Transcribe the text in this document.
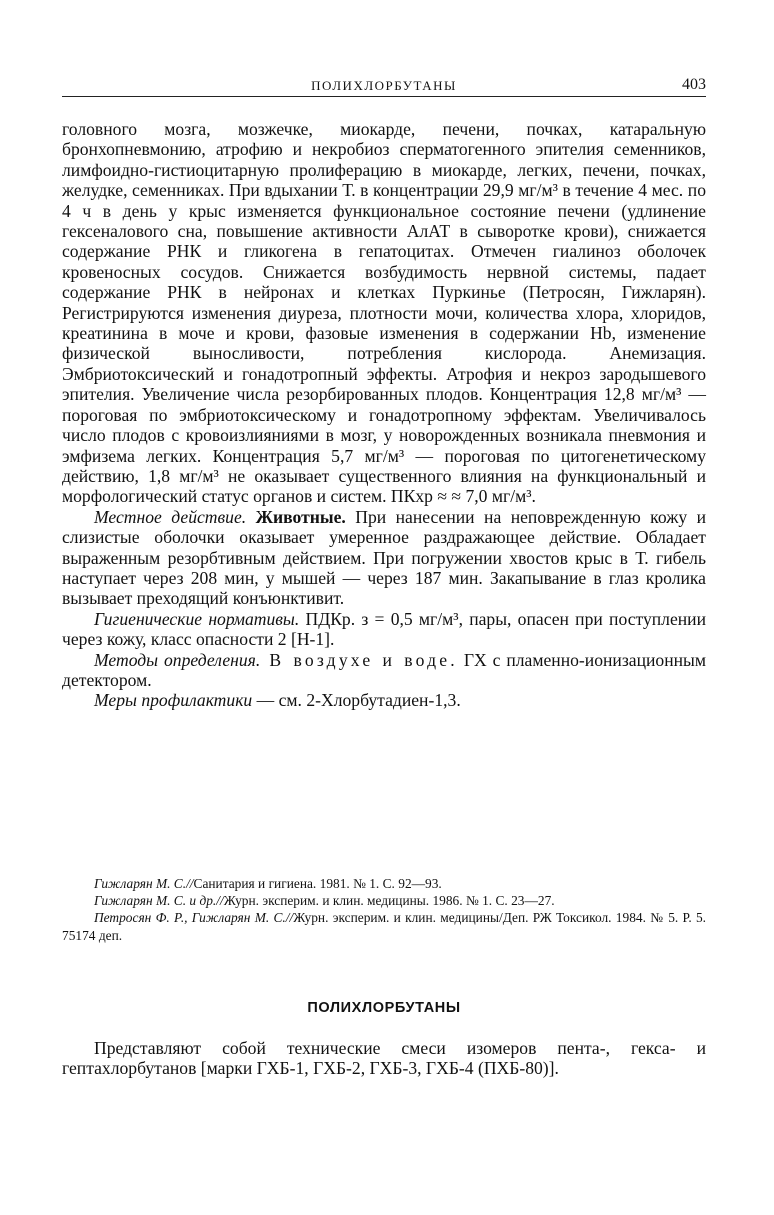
ПОЛИХЛОРБУТАНЫ	403

головного мозга, мозжечке, миокарде, печени, почках, катаральную бронхопневмонию, атрофию и некробиоз сперматогенного эпителия семенников, лимфоидно-гистиоцитарную пролиферацию в миокарде, легких, печени, почках, желудке, семенниках. При вдыхании Т. в концентрации 29,9 мг/м³ в течение 4 мес. по 4 ч в день у крыс изменяется функциональное состояние печени (удлинение гексеналового сна, повышение активности АлАТ в сыворотке крови), снижается содержание РНК и гликогена в гепатоцитах. Отмечен гиалиноз оболочек кровеносных сосудов. Снижается возбудимость нервной системы, падает содержание РНК в нейронах и клетках Пуркинье (Петросян, Гижларян). Регистрируются изменения диуреза, плотности мочи, количества хлора, хлоридов, креатинина в моче и крови, фазовые изменения в содержании Hb, изменение физической выносливости, потребления кислорода. Анемизация. Эмбриотоксический и гонадотропный эффекты. Атрофия и некроз зародышевого эпителия. Увеличение числа резорбированных плодов. Концентрация 12,8 мг/м³ — пороговая по эмбриотоксическому и гонадотропному эффектам. Увеличивалось число плодов с кровоизлияниями в мозг, у новорожденных возникала пневмония и эмфизема легких. Концентрация 5,7 мг/м³ — пороговая по цитогенетическому действию, 1,8 мг/м³ не оказывает существенного влияния на функциональный и морфологический статус органов и систем. ПКхр ≈ ≈ 7,0 мг/м³.

Местное действие. Животные. При нанесении на неповрежденную кожу и слизистые оболочки оказывает умеренное раздражающее действие. Обладает выраженным резорбтивным действием. При погружении хвостов крыс в Т. гибель наступает через 208 мин, у мышей — через 187 мин. Закапывание в глаз кролика вызывает преходящий конъюнктивит.

Гигиенические нормативы. ПДКр. з = 0,5 мг/м³, пары, опасен при поступлении через кожу, класс опасности 2 [Н-1].

Методы определения. В воздухе и воде. ГХ с пламенно-ионизационным детектором.

Меры профилактики — см. 2-Хлорбутадиен-1,3.

Гижларян М. С.//Санитария и гигиена. 1981. № 1. С. 92—93.

Гижларян М. С. и др.//Журн. эксперим. и клин. медицины. 1986. № 1. С. 23—27.

Петросян Ф. Р., Гижларян М. С.//Журн. эксперим. и клин. медицины/Деп. РЖ Токсикол. 1984. № 5. Р. 5. 75174 деп.

ПОЛИХЛОРБУТАНЫ

Представляют собой технические смеси изомеров пента-, гекса- и гептахлорбутанов [марки ГХБ-1, ГХБ-2, ГХБ-3, ГХБ-4 (ПХБ-80)].
